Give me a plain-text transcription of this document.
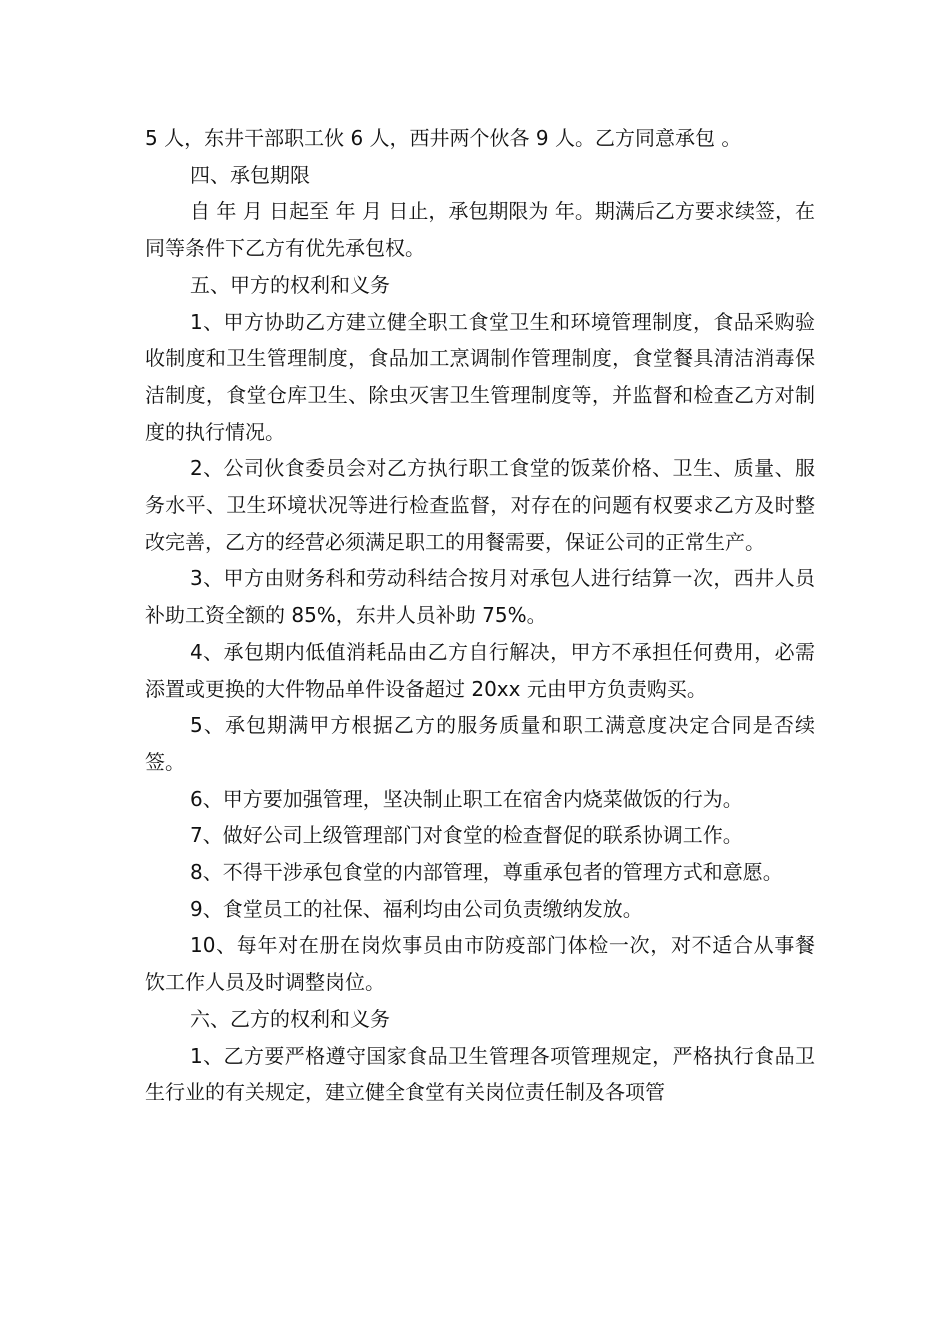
5 人，东井干部职工伙 6 人，西井两个伙各 9 人。乙方同意承包 。

四、承包期限

自 年 月 日起至 年 月 日止，承包期限为 年。期满后乙方要求续签，在同等条件下乙方有优先承包权。

五、甲方的权利和义务

1、甲方协助乙方建立健全职工食堂卫生和环境管理制度，食品采购验收制度和卫生管理制度，食品加工烹调制作管理制度，食堂餐具清洁消毒保洁制度，食堂仓库卫生、除虫灭害卫生管理制度等，并监督和检查乙方对制度的执行情况。

2、公司伙食委员会对乙方执行职工食堂的饭菜价格、卫生、质量、服务水平、卫生环境状况等进行检查监督，对存在的问题有权要求乙方及时整改完善，乙方的经营必须满足职工的用餐需要，保证公司的正常生产。

3、甲方由财务科和劳动科结合按月对承包人进行结算一次，西井人员补助工资全额的 85%，东井人员补助 75%。

4、承包期内低值消耗品由乙方自行解决，甲方不承担任何费用，必需添置或更换的大件物品单件设备超过 20xx 元由甲方负责购买。

5、承包期满甲方根据乙方的服务质量和职工满意度决定合同是否续签。

6、甲方要加强管理，坚决制止职工在宿舍内烧菜做饭的行为。

7、做好公司上级管理部门对食堂的检查督促的联系协调工作。

8、不得干涉承包食堂的内部管理，尊重承包者的管理方式和意愿。

9、食堂员工的社保、福利均由公司负责缴纳发放。

10、每年对在册在岗炊事员由市防疫部门体检一次，对不适合从事餐饮工作人员及时调整岗位。

六、乙方的权利和义务

1、乙方要严格遵守国家食品卫生管理各项管理规定，严格执行食品卫生行业的有关规定，建立健全食堂有关岗位责任制及各项管
